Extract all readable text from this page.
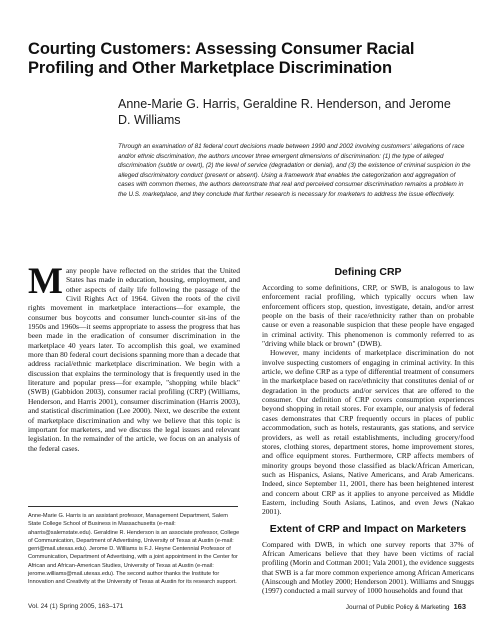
Courting Customers: Assessing Consumer Racial Profiling and Other Marketplace Discrimination
Anne-Marie G. Harris, Geraldine R. Henderson, and Jerome D. Williams
Through an examination of 81 federal court decisions made between 1990 and 2002 involving customers' allegations of race and/or ethnic discrimination, the authors uncover three emergent dimensions of discrimination: (1) the type of alleged discrimination (subtle or overt), (2) the level of service (degradation or denial), and (3) the existence of criminal suspicion in the alleged discriminatory conduct (present or absent). Using a framework that enables the categorization and aggregation of cases with common themes, the authors demonstrate that real and perceived consumer discrimination remains a problem in the U.S. marketplace, and they conclude that further research is necessary for marketers to address the issue effectively.
M any people have reflected on the strides that the United States has made in education, housing, employment, and other aspects of daily life following the passage of the Civil Rights Act of 1964. Given the roots of the civil rights movement in marketplace interactions—for example, the consumer bus boycotts and consumer lunch-counter sit-ins of the 1950s and 1960s—it seems appropriate to assess the progress that has been made in the eradication of consumer discrimination in the marketplace 40 years later. To accomplish this goal, we examined more than 80 federal court decisions spanning more than a decade that address racial/ethnic marketplace discrimination. We begin with a discussion that explains the terminology that is frequently used in the literature and popular press—for example, "shopping while black" (SWB) (Gabbidon 2003), consumer racial profiling (CRP) (Williams, Henderson, and Harris 2001), consumer discrimination (Harris 2003), and statistical discrimination (Lee 2000). Next, we describe the extent of marketplace discrimination and why we believe that this topic is important for marketers, and we discuss the legal issues and relevant legislation. In the remainder of the article, we focus on an analysis of the federal cases.

Defining CRP

According to some definitions, CRP, or SWB, is analogous to law enforcement racial profiling, which typically occurs when law enforcement officers stop, question, investigate, detain, and/or arrest people on the basis of their race/ethnicity rather than on probable cause or even a reasonable suspicion that these people have engaged in criminal activity. This phenomenon is commonly referred to as "driving while black or brown" (DWB).

However, many incidents of marketplace discrimination do not involve suspecting customers of engaging in criminal activity. In this article, we define CRP as a type of differential treatment of consumers in the marketplace based on race/ethnicity that constitutes denial of or degradation in the products and/or services that are offered to the consumer. Our definition of CRP covers consumption experiences beyond shopping in retail stores. For example, our analysis of federal cases demonstrates that CRP frequently occurs in places of public accommodation, such as hotels, restaurants, gas stations, and service providers, as well as retail establishments, including grocery/food stores, clothing stores, department stores, home improvement stores, and office equipment stores. Furthermore, CRP affects members of minority groups beyond those classified as black/African American, such as Hispanics, Asians, Native Americans, and Arab Americans. Indeed, since September 11, 2001, there has been heightened interest and concern about CRP as it applies to anyone perceived as Middle Eastern, including South Asians, Latinos, and even Jews (Nakao 2001).

Extent of CRP and Impact on Marketers

Compared with DWB, in which one survey reports that 37% of African Americans believe that they have been victims of racial profiling (Morin and Cottman 2001; Vala 2001), the evidence suggests that SWB is a far more common experience among African Americans (Ainscough and Motley 2000; Henderson 2001). Williams and Snuggs (1997) conducted a mail survey of 1000 households and found that

Anne-Marie G. Harris is an assistant professor, Management Department, Salem State College School of Business in Massachusetts (e-mail: aharris@salemstate.edu). Geraldine R. Henderson is an associate professor, College of Communication, Department of Advertising, University of Texas at Austin (e-mail: gerri@mail.utexas.edu). Jerome D. Williams is F.J. Heyne Centennial Professor of Communication, Department of Advertising, with a joint appointment in the Center for African and African-American Studies, University of Texas at Austin (e-mail: jerome.williams@mail.utexas.edu). The second author thanks the Institute for Innovation and Creativity at the University of Texas at Austin for its research support.

Vol. 24 (1) Spring 2005, 163–171	Journal of Public Policy & Marketing 163
